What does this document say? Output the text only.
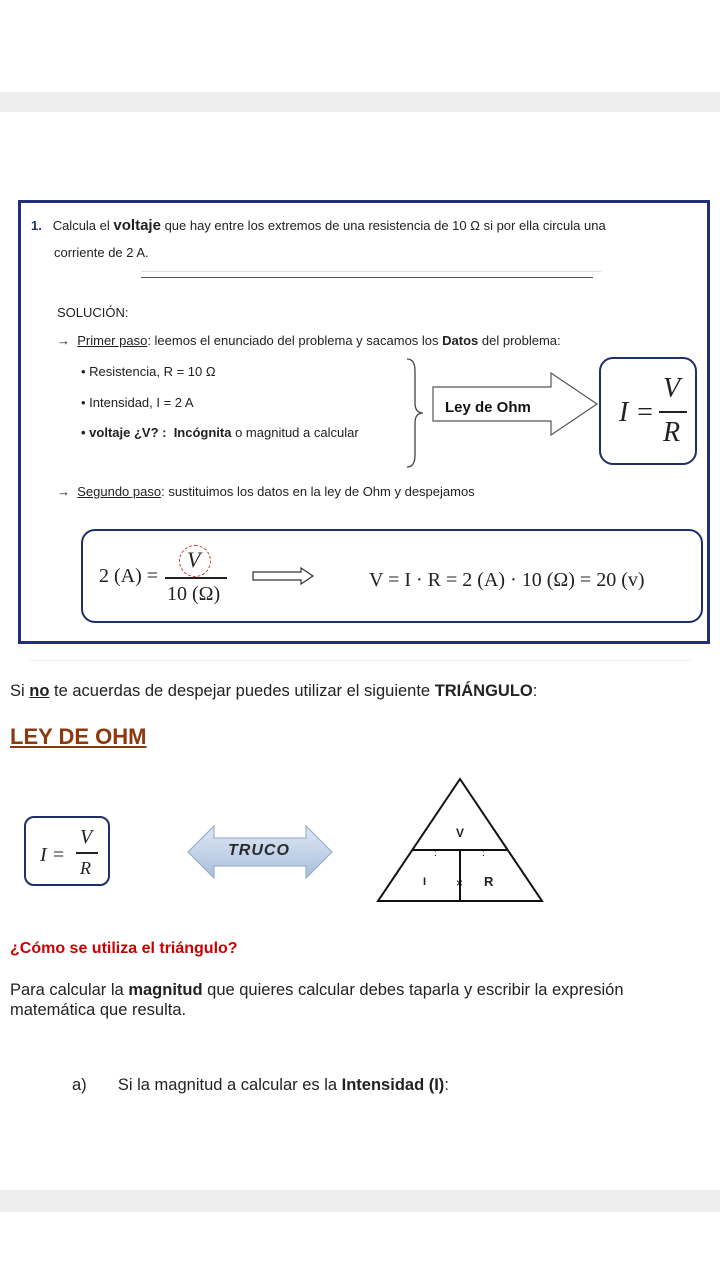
1. Calcula el voltaje que hay entre los extremos de una resistencia de 10 Ω si por ella circula una
corriente de 2 A.
SOLUCIÓN:
→ Primer paso: leemos el enunciado del problema y sacamos los Datos del problema:
• Resistencia, R = 10 Ω
• Intensidad, I = 2 A
• voltaje ¿V? : Incógnita o magnitud a calcular
Ley de Ohm	I =
V
R
→ Segundo paso: sustituimos los datos en la ley de Ohm y despejamos
2 (A) =
V
10 (Ω)
V = I · R = 2 (A) · 10 (Ω) = 20 (v)
Si no te acuerdas de despejar puedes utilizar el siguiente TRIÁNGULO:
LEY DE OHM
I =
V
R
TRUCO	:	:
×
V
I	R
¿Cómo se utiliza el triángulo?
Para calcular la magnitud que quieres calcular debes taparla y escribir la expresión matemática que resulta.
a) Si la magnitud a calcular es la Intensidad (I):
